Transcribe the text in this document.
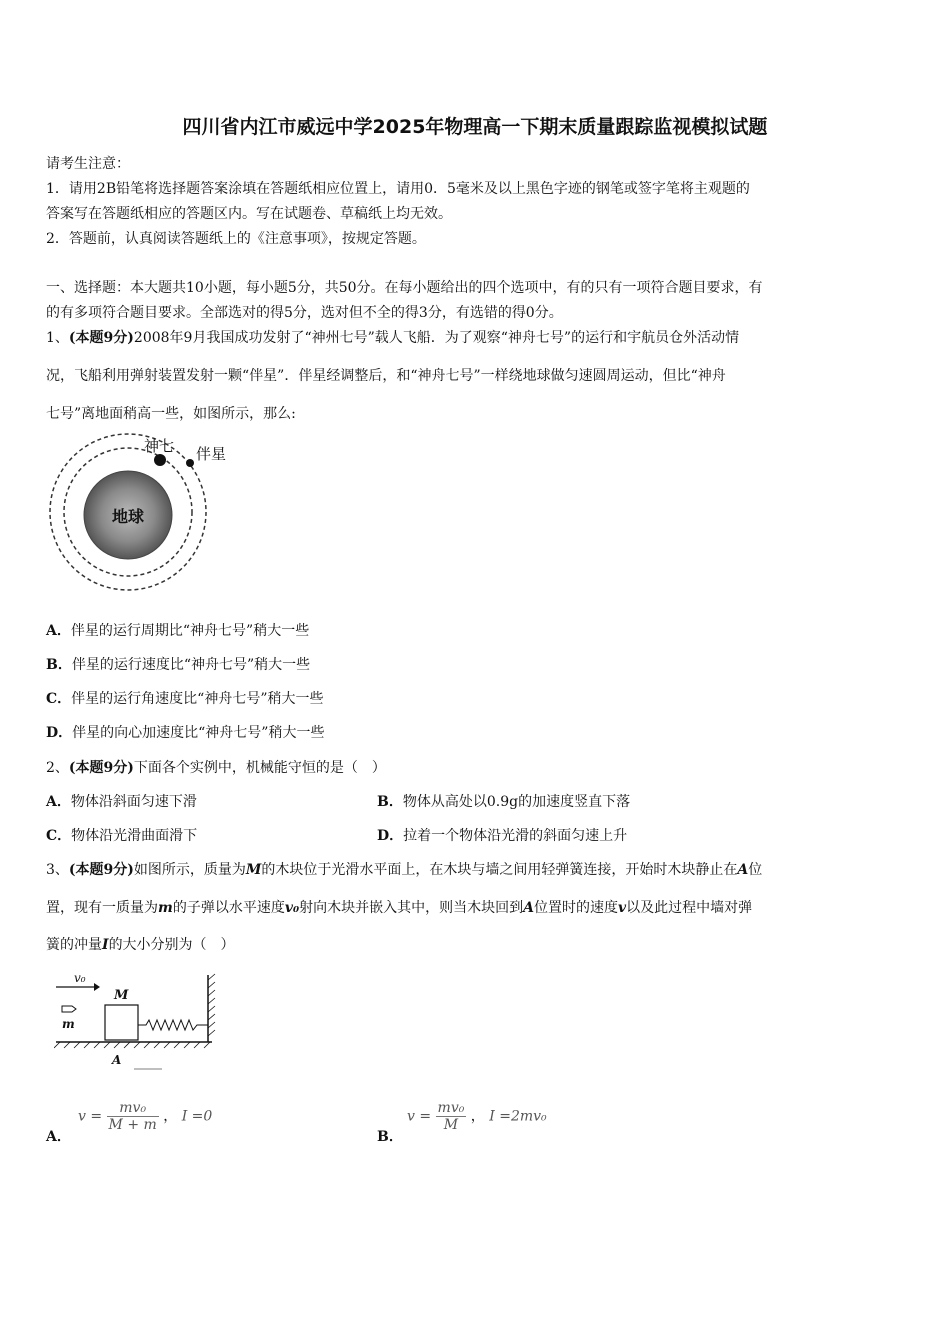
四川省内江市威远中学2025年物理高一下期末质量跟踪监视模拟试题
请考生注意：
1．请用2B铅笔将选择题答案涂填在答题纸相应位置上，请用0．5毫米及以上黑色字迹的钢笔或签字笔将主观题的
答案写在答题纸相应的答题区内。写在试题卷、草稿纸上均无效。
2．答题前，认真阅读答题纸上的《注意事项》，按规定答题。
一、选择题：本大题共10小题，每小题5分，共50分。在每小题给出的四个选项中，有的只有一项符合题目要求，有
的有多项符合题目要求。全部选对的得5分，选对但不全的得3分，有选错的得0分。
1、(本题9分)2008年9月我国成功发射了“神州七号”载人飞船．为了观察“神舟七号”的运行和宇航员仓外活动情
况，飞船利用弹射装置发射一颗“伴星”．伴星经调整后，和“神舟七号”一样绕地球做匀速圆周运动，但比“神舟
七号”离地面稍高一些，如图所示，那么:
地球
神七 伴星
A．伴星的运行周期比“神舟七号”稍大一些
B．伴星的运行速度比“神舟七号”稍大一些
C．伴星的运行角速度比“神舟七号”稍大一些
D．伴星的向心加速度比“神舟七号”稍大一些
2、(本题9分)下面各个实例中，机械能守恒的是（　）
A．物体沿斜面匀速下滑	B．物体从高处以0.9g的加速度竖直下落
C．物体沿光滑曲面滑下	D．拉着一个物体沿光滑的斜面匀速上升
3、(本题9分)如图所示，质量为M的木块位于光滑水平面上，在木块与墙之间用轻弹簧连接，开始时木块静止在A位
置，现有一质量为m的子弹以水平速度v₀射向木块并嵌入其中，则当木块回到A位置时的速度v以及此过程中墙对弹
簧的冲量I的大小分别为（　）
v₀
m
M
A
A．
$v = \frac{\text{mv₀}}{M + m}$ ， I =0
B．
$v = \frac{\text{mv₀}}{M}$ ， I =2mv₀
